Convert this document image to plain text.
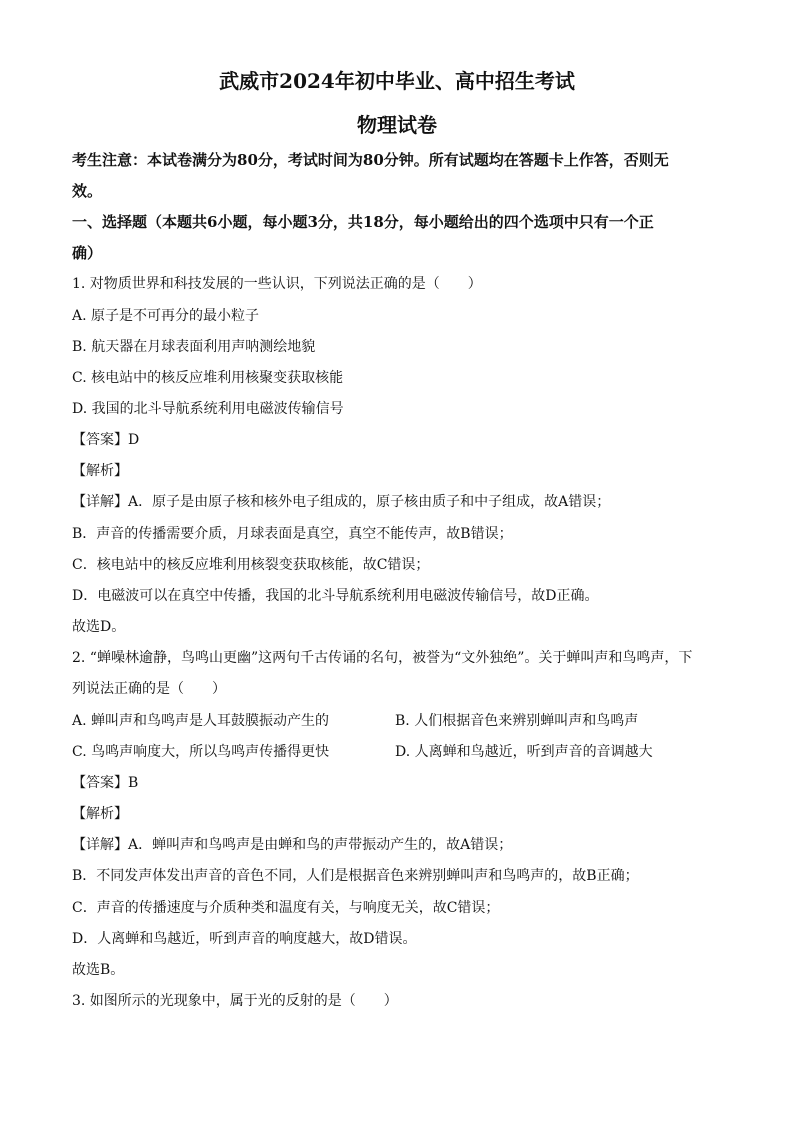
武威市2024年初中毕业、高中招生考试
物理试卷
考生注意：本试卷满分为80分，考试时间为80分钟。所有试题均在答题卡上作答，否则无
效。
一、选择题（本题共6小题，每小题3分，共18分，每小题给出的四个选项中只有一个正
确）
1. 对物质世界和科技发展的一些认识，下列说法正确的是（　　）
A. 原子是不可再分的最小粒子
B. 航天器在月球表面利用声呐测绘地貌
C. 核电站中的核反应堆利用核聚变获取核能
D. 我国的北斗导航系统利用电磁波传输信号
【答案】D
【解析】
【详解】A．原子是由原子核和核外电子组成的，原子核由质子和中子组成，故A错误；
B．声音的传播需要介质，月球表面是真空，真空不能传声，故B错误；
C．核电站中的核反应堆利用核裂变获取核能，故C错误；
D．电磁波可以在真空中传播，我国的北斗导航系统利用电磁波传输信号，故D正确。
故选D。
2. “蝉噪林逾静，鸟鸣山更幽”这两句千古传诵的名句，被誉为“文外独绝”。关于蝉叫声和鸟鸣声，下
列说法正确的是（　　）
A. 蝉叫声和鸟鸣声是人耳鼓膜振动产生的	B. 人们根据音色来辨别蝉叫声和鸟鸣声
C. 鸟鸣声响度大，所以鸟鸣声传播得更快	D. 人离蝉和鸟越近，听到声音的音调越大
【答案】B
【解析】
【详解】A．蝉叫声和鸟鸣声是由蝉和鸟的声带振动产生的，故A错误；
B．不同发声体发出声音的音色不同，人们是根据音色来辨别蝉叫声和鸟鸣声的，故B正确；
C．声音的传播速度与介质种类和温度有关，与响度无关，故C错误；
D．人离蝉和鸟越近，听到声音的响度越大，故D错误。
故选B。
3. 如图所示的光现象中，属于光的反射的是（　　）
